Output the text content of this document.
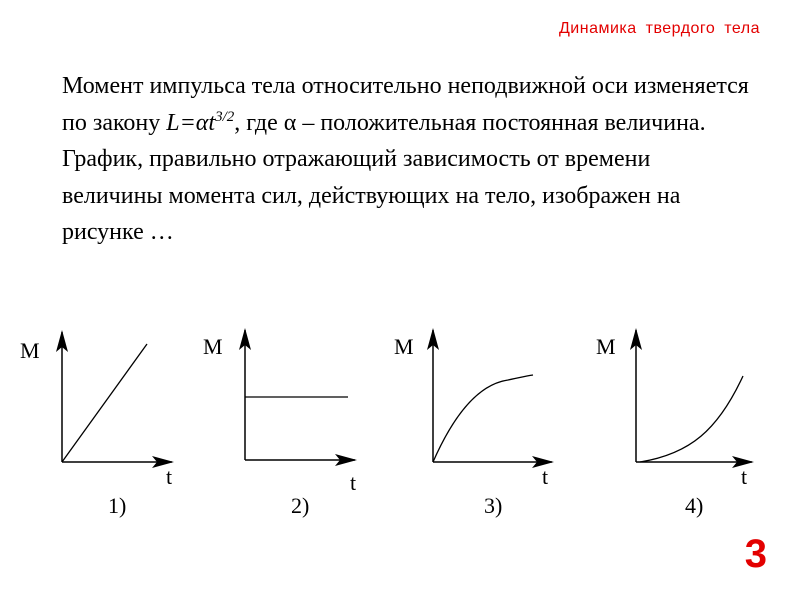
Динамика твердого тела

Момент импульса тела относительно неподвижной оси изменяется по закону $L=\alpha t^{3/2}$, где α – положительная постоянная величина. График, правильно отражающий зависимость от времени величины момента сил, действующих на тело, изображен на рисунке …

M
t
1)
M
t
2)
M
t
3)
M
t
4)
3
